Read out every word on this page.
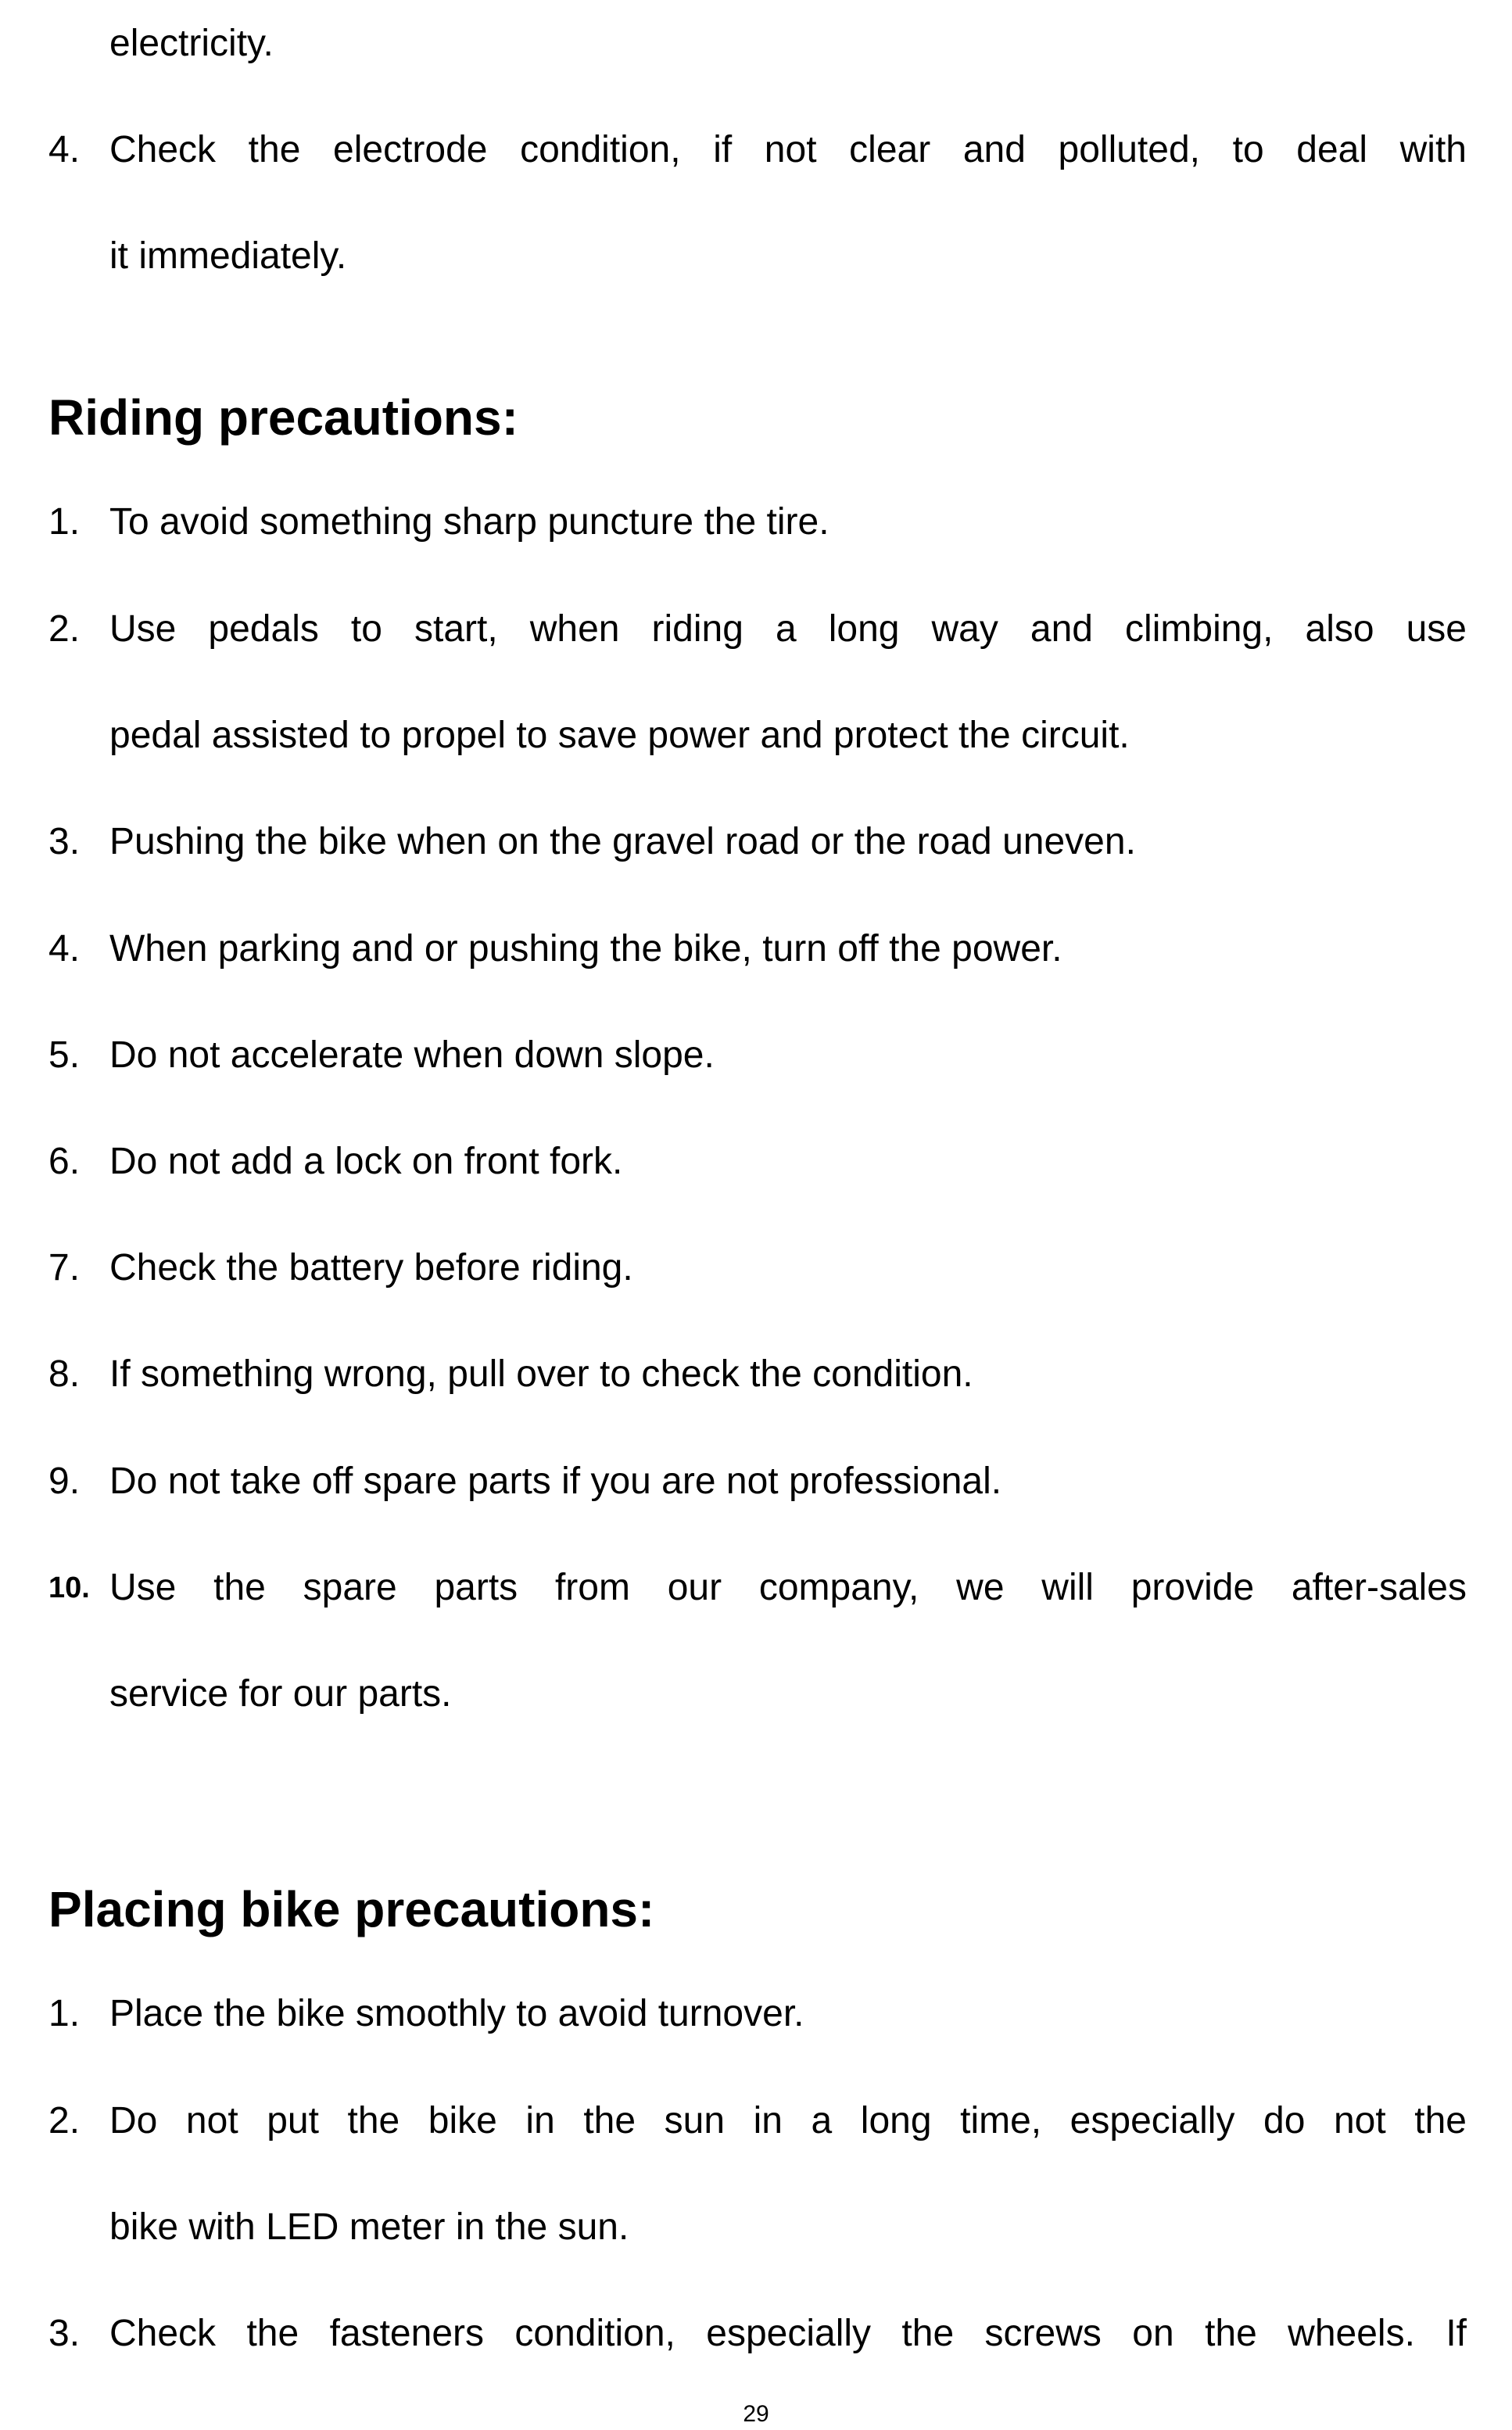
electricity.
4. Check the electrode condition, if not clear and polluted, to deal with
it immediately.
Riding precautions:
1. To avoid something sharp puncture the tire.
2. Use pedals to start, when riding a long way and climbing, also use
pedal assisted to propel to save power and protect the circuit.
3. Pushing the bike when on the gravel road or the road uneven.
4. When parking and or pushing the bike, turn off the power.
5. Do not accelerate when down slope.
6. Do not add a lock on front fork.
7. Check the battery before riding.
8. If something wrong, pull over to check the condition.
9. Do not take off spare parts if you are not professional.
10. Use the spare parts from our company, we will provide after-sales
service for our parts.
Placing bike precautions:
1. Place the bike smoothly to avoid turnover.
2. Do not put the bike in the sun in a long time, especially do not the
bike with LED meter in the sun.
3. Check the fasteners condition, especially the screws on the wheels. If
29
